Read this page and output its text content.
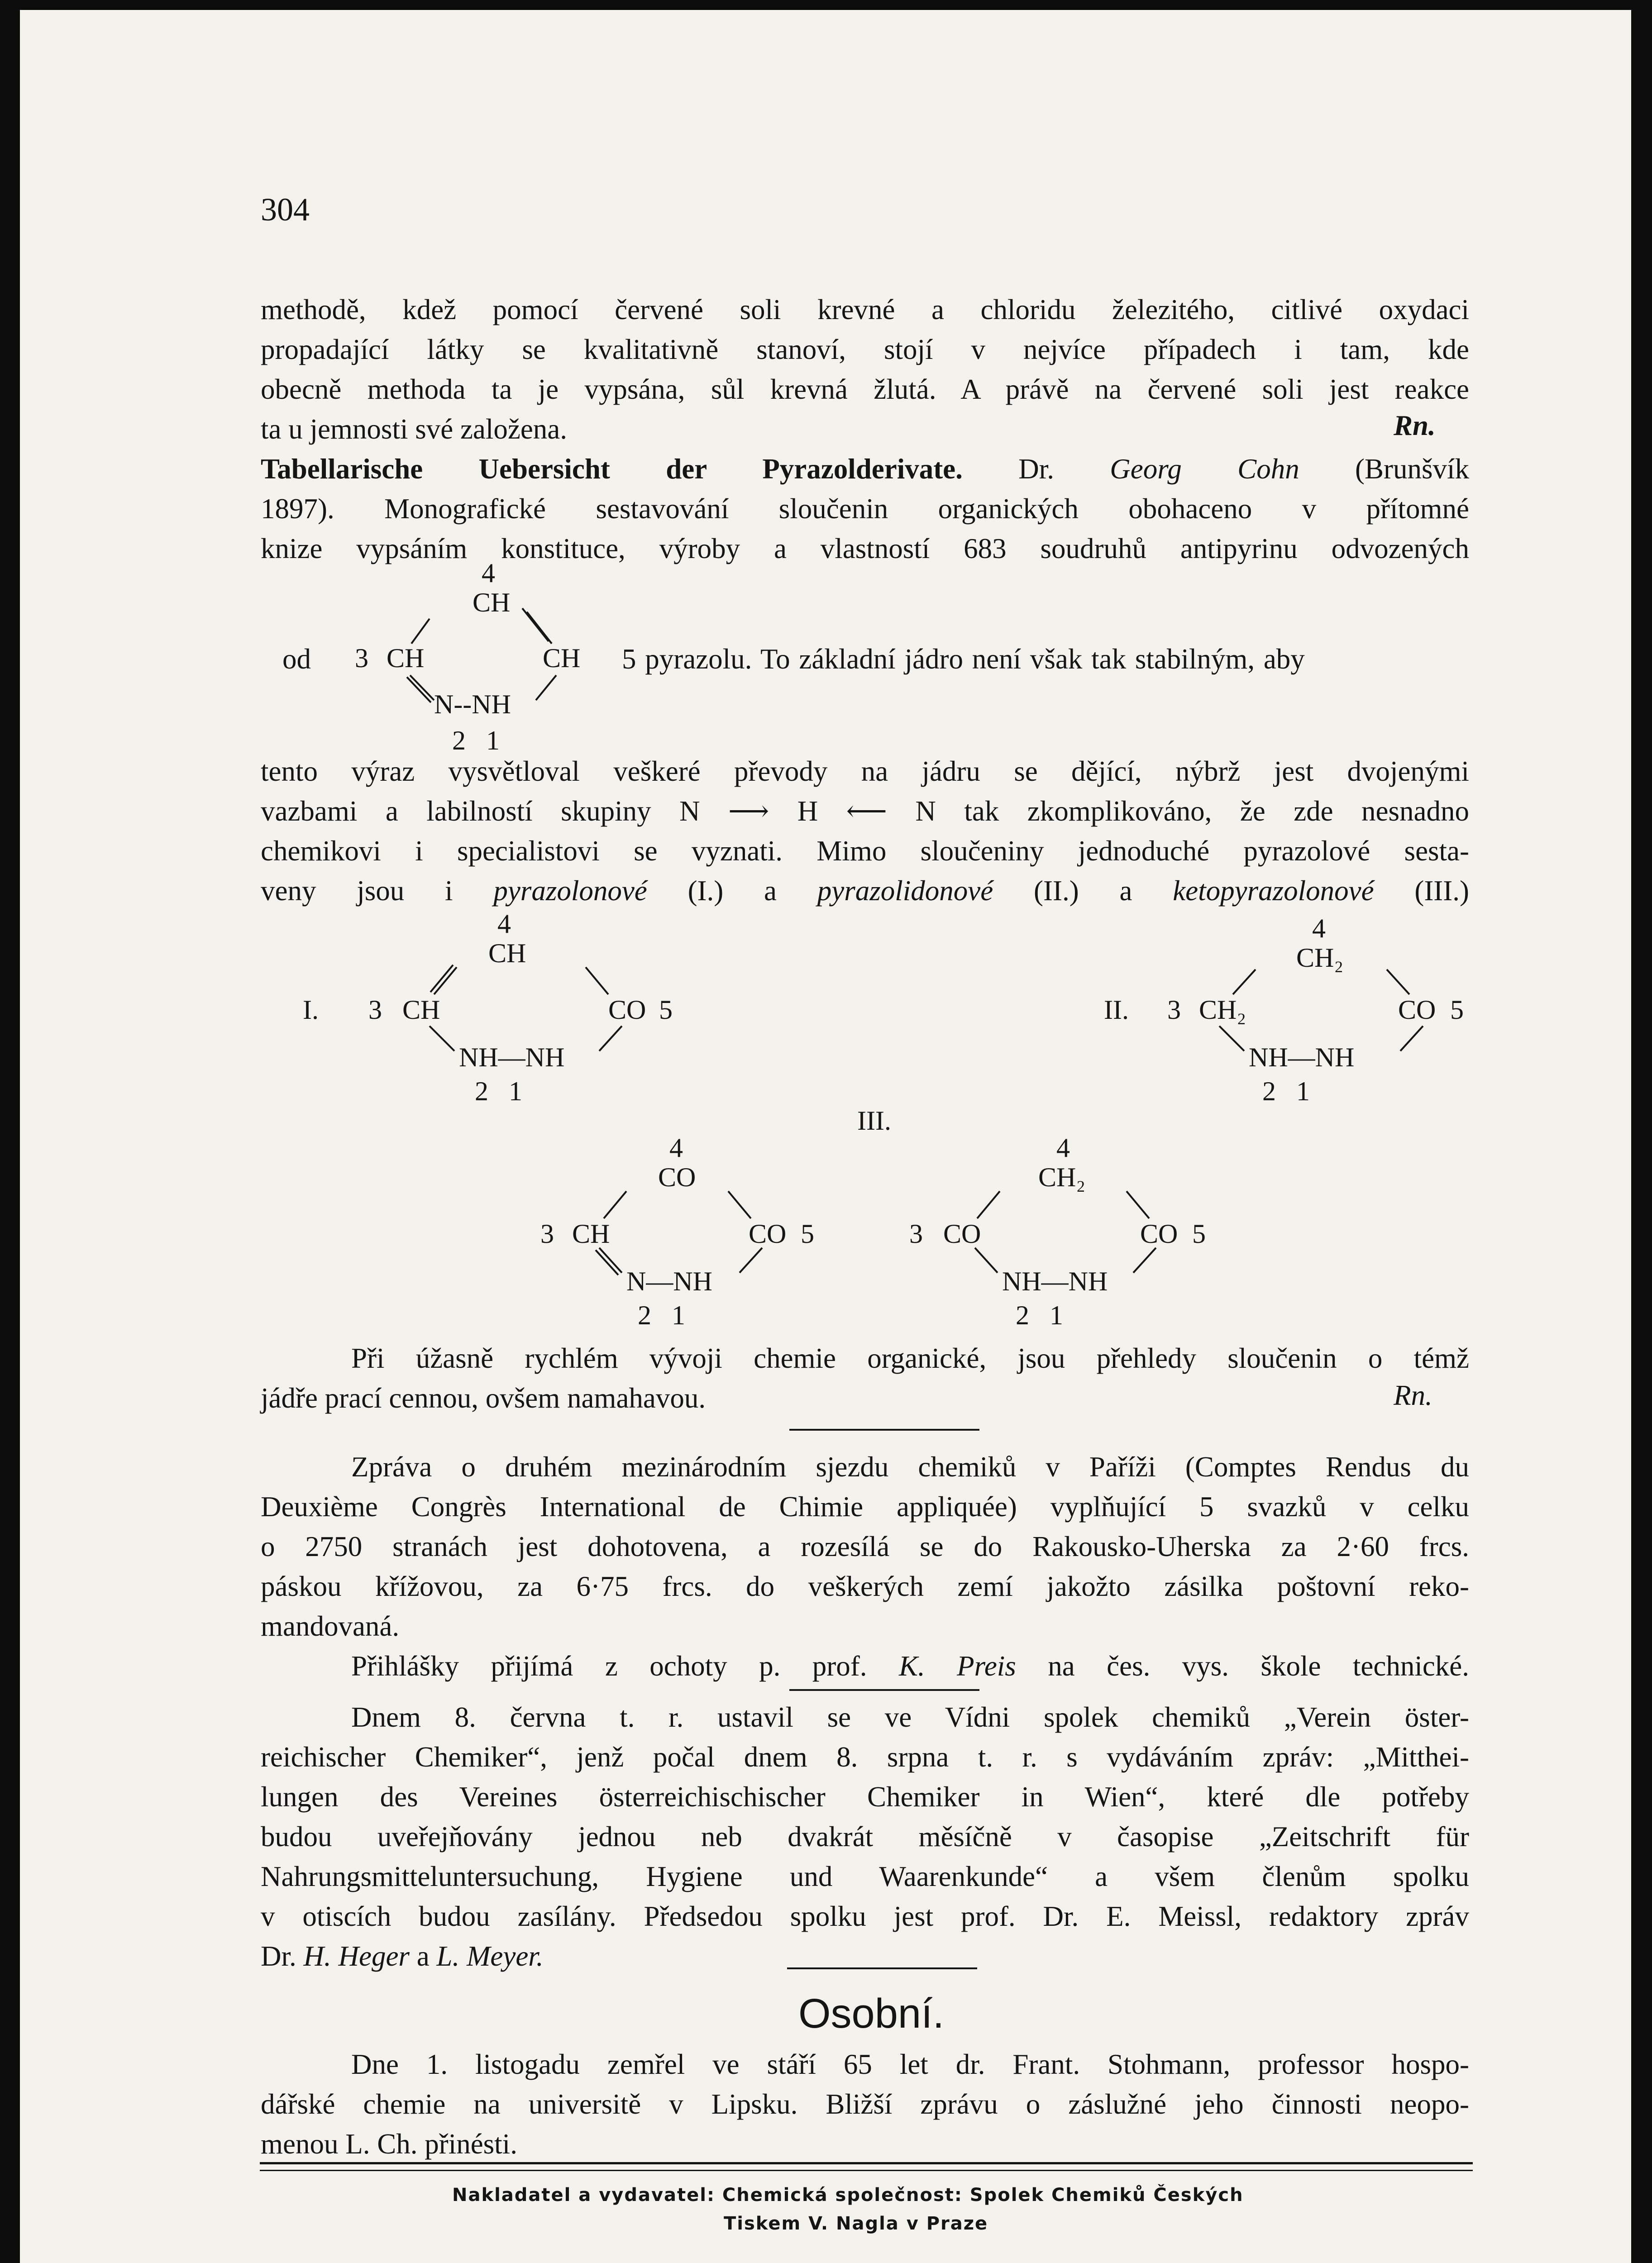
304
methodě, kdež pomocí červené soli krevné a chloridu železitého, citlivé oxydaci
propadající látky se kvalitativně stanoví, stojí v nejvíce případech i tam, kde
obecně methoda ta je vypsána, sůl krevná žlutá. A právě na červené soli jest reakce
ta u jemnosti své založena.	Rn.
Tabellarische Uebersicht der Pyrazolderivate. Dr. Georg Cohn (Brunšvík
1897). Monografické sestavování sloučenin organických obohaceno v přítomné
knize vypsáním konstituce, výroby a vlastností 683 soudruhů antipyrinu odvozených
4
CH
3 CH	CH
N--NH
2   1
od	5 pyrazolu. To základní jádro není však tak stabilným, aby
tento výraz vysvětloval veškeré převody na jádru se dějící, nýbrž jest dvojenými
vazbami a labilností skupiny N ⟶ H ⟵ N tak zkomplikováno, že zde nesnadno
chemikovi i specialistovi se vyznati. Mimo sloučeniny jednoduché pyrazolové sesta-
veny jsou i pyrazolonové (I.) a pyrazolidonové (II.) a ketopyrazolonové (III.)
4
CH
I. 3 CH	CO 5
NH—NH
2   1
4
CH₂
II. 3 CH₂	CO 5
NH—NH
2   1
III.
4
CO
3 CH	CO 5
N—NH
2   1
4
CH₂
3 CO	CO 5
NH—NH
2   1
Při úžasně rychlém vývoji chemie organické, jsou přehledy sloučenin o témž
jádře prací cennou, ovšem namahavou.	Rn.
Zpráva o druhém mezinárodním sjezdu chemiků v Paříži (Comptes Rendus du
Deuxième Congrès International de Chimie appliquée) vyplňující 5 svazků v celku
o 2750 stranách jest dohotovena, a rozesílá se do Rakousko-Uherska za 2·60 frcs.
páskou křížovou, za 6·75 frcs. do veškerých zemí jakožto zásilka poštovní reko-
mandovaná.
Přihlášky přijímá z ochoty p. prof. K. Preis na čes. vys. škole technické.
Dnem 8. června t. r. ustavil se ve Vídni spolek chemiků „Verein öster-
reichischer Chemiker“, jenž počal dnem 8. srpna t. r. s vydáváním zpráv: „Mitthei-
lungen des Vereines österreichischischer Chemiker in Wien“, které dle potřeby
budou uveřejňovány jednou neb dvakrát měsíčně v časopise „Zeitschrift für
Nahrungsmitteluntersuchung, Hygiene und Waarenkunde“ a všem členům spolku
v otiscích budou zasílány. Předsedou spolku jest prof. Dr. E. Meissl, redaktory zpráv
Dr. H. Heger a L. Meyer.
Osobní.
Dne 1. listogadu zemřel ve stáří 65 let dr. Frant. Stohmann, professor hospo-
dářské chemie na universitě v Lipsku. Bližší zprávu o záslužné jeho činnosti neopo-
menou L. Ch. přinésti.
Nakladatel a vydavatel: Chemická společnost: Spolek Chemiků Českých
Tiskem V. Nagla v Praze
